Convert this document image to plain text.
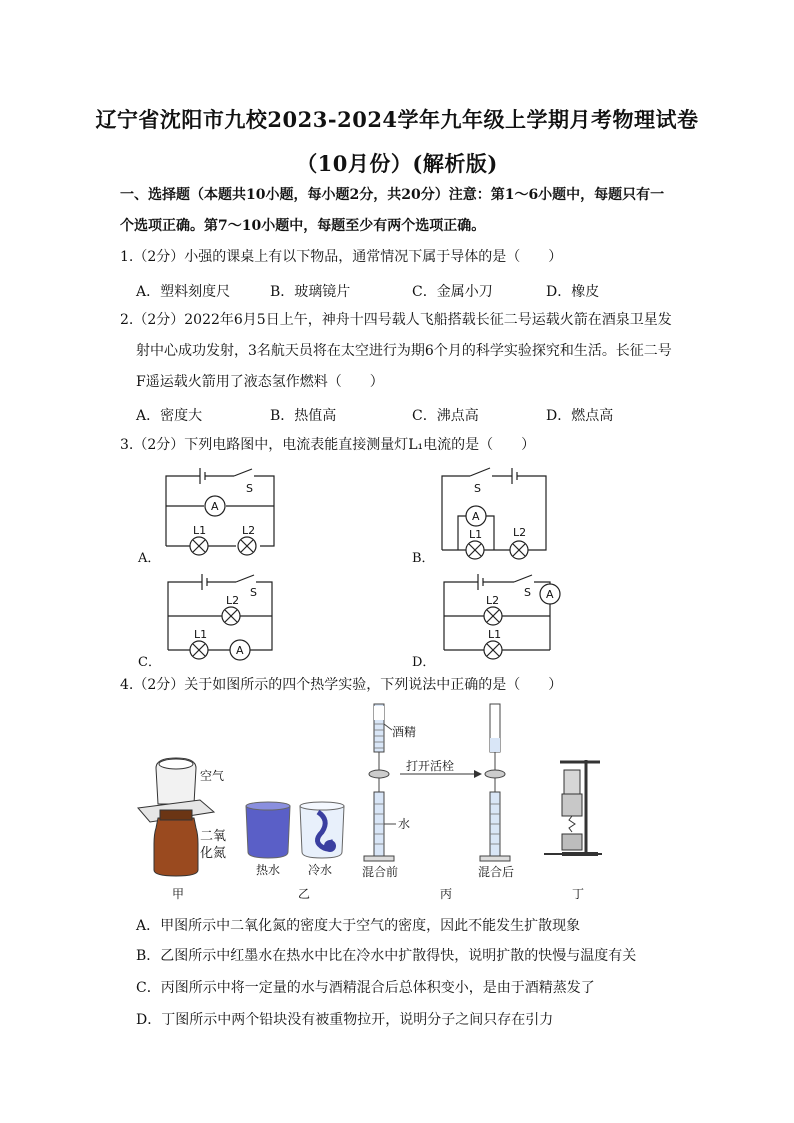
辽宁省沈阳市九校2023-2024学年九年级上学期月考物理试卷
（10月份）(解析版)
一、选择题（本题共10小题，每小题2分，共20分）注意：第1～6小题中，每题只有一
个选项正确。第7～10小题中，每题至少有两个选项正确。
1.（2分）小强的课桌上有以下物品，通常情况下属于导体的是（　　）
A．塑料刻度尺	B．玻璃镜片	C．金属小刀	D．橡皮
2.（2分）2022年6月5日上午，神舟十四号载人飞船搭载长征二号运载火箭在酒泉卫星发
射中心成功发射，3名航天员将在太空进行为期6个月的科学实验探究和生活。长征二号
F遥运载火箭用了液态氢作燃料（　　）
A．密度大	B．热值高	C．沸点高	D．燃点高
3.（2分）下列电路图中，电流表能直接测量灯L₁电流的是（　　）
S
A
L1	L2
S
A
L1	L2
S
L2
L1
A
S
L2
L1
A
A．	B．
C．	D．
4.（2分）关于如图所示的四个热学实验，下列说法中正确的是（　　）
空气
酒精
打开活栓
水
热水 冷水 混合前	混合后
甲	乙	丙	丁
二氧化氮
A．甲图所示中二氧化氮的密度大于空气的密度，因此不能发生扩散现象
B．乙图所示中红墨水在热水中比在冷水中扩散得快，说明扩散的快慢与温度有关
C．丙图所示中将一定量的水与酒精混合后总体积变小，是由于酒精蒸发了
D．丁图所示中两个铅块没有被重物拉开，说明分子之间只存在引力
